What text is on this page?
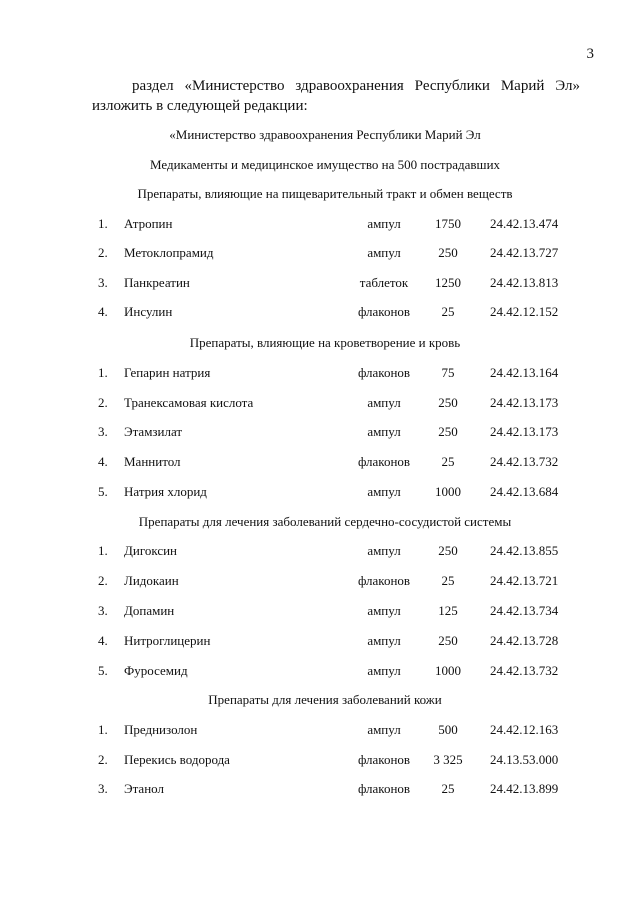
3
раздел «Министерство здравоохранения Республики Марий Эл»
изложить в следующей редакции:
«Министерство здравоохранения Республики Марий Эл
Медикаменты и медицинское имущество на 500 пострадавших
Препараты, влияющие на пищеварительный тракт и обмен веществ
1. Атропин	ампул	1750	24.42.13.474
2. Метоклопрамид	ампул	250	24.42.13.727
3. Панкреатин	таблеток	1250	24.42.13.813
4. Инсулин	флаконов	25	24.42.12.152
Препараты, влияющие на кроветворение и кровь
1. Гепарин натрия	флаконов	75	24.42.13.164
2. Транексамовая кислота	ампул	250	24.42.13.173
3. Этамзилат	ампул	250	24.42.13.173
4. Маннитол	флаконов	25	24.42.13.732
5. Натрия хлорид	ампул	1000	24.42.13.684
Препараты для лечения заболеваний сердечно-сосудистой системы
1. Дигоксин	ампул	250	24.42.13.855
2. Лидокаин	флаконов	25	24.42.13.721
3. Допамин	ампул	125	24.42.13.734
4. Нитроглицерин	ампул	250	24.42.13.728
5. Фуросемид	ампул	1000	24.42.13.732
Препараты для лечения заболеваний кожи
1. Преднизолон	ампул	500	24.42.12.163
2. Перекись водорода	флаконов	3 325	24.13.53.000
3. Этанол	флаконов	25	24.42.13.899
